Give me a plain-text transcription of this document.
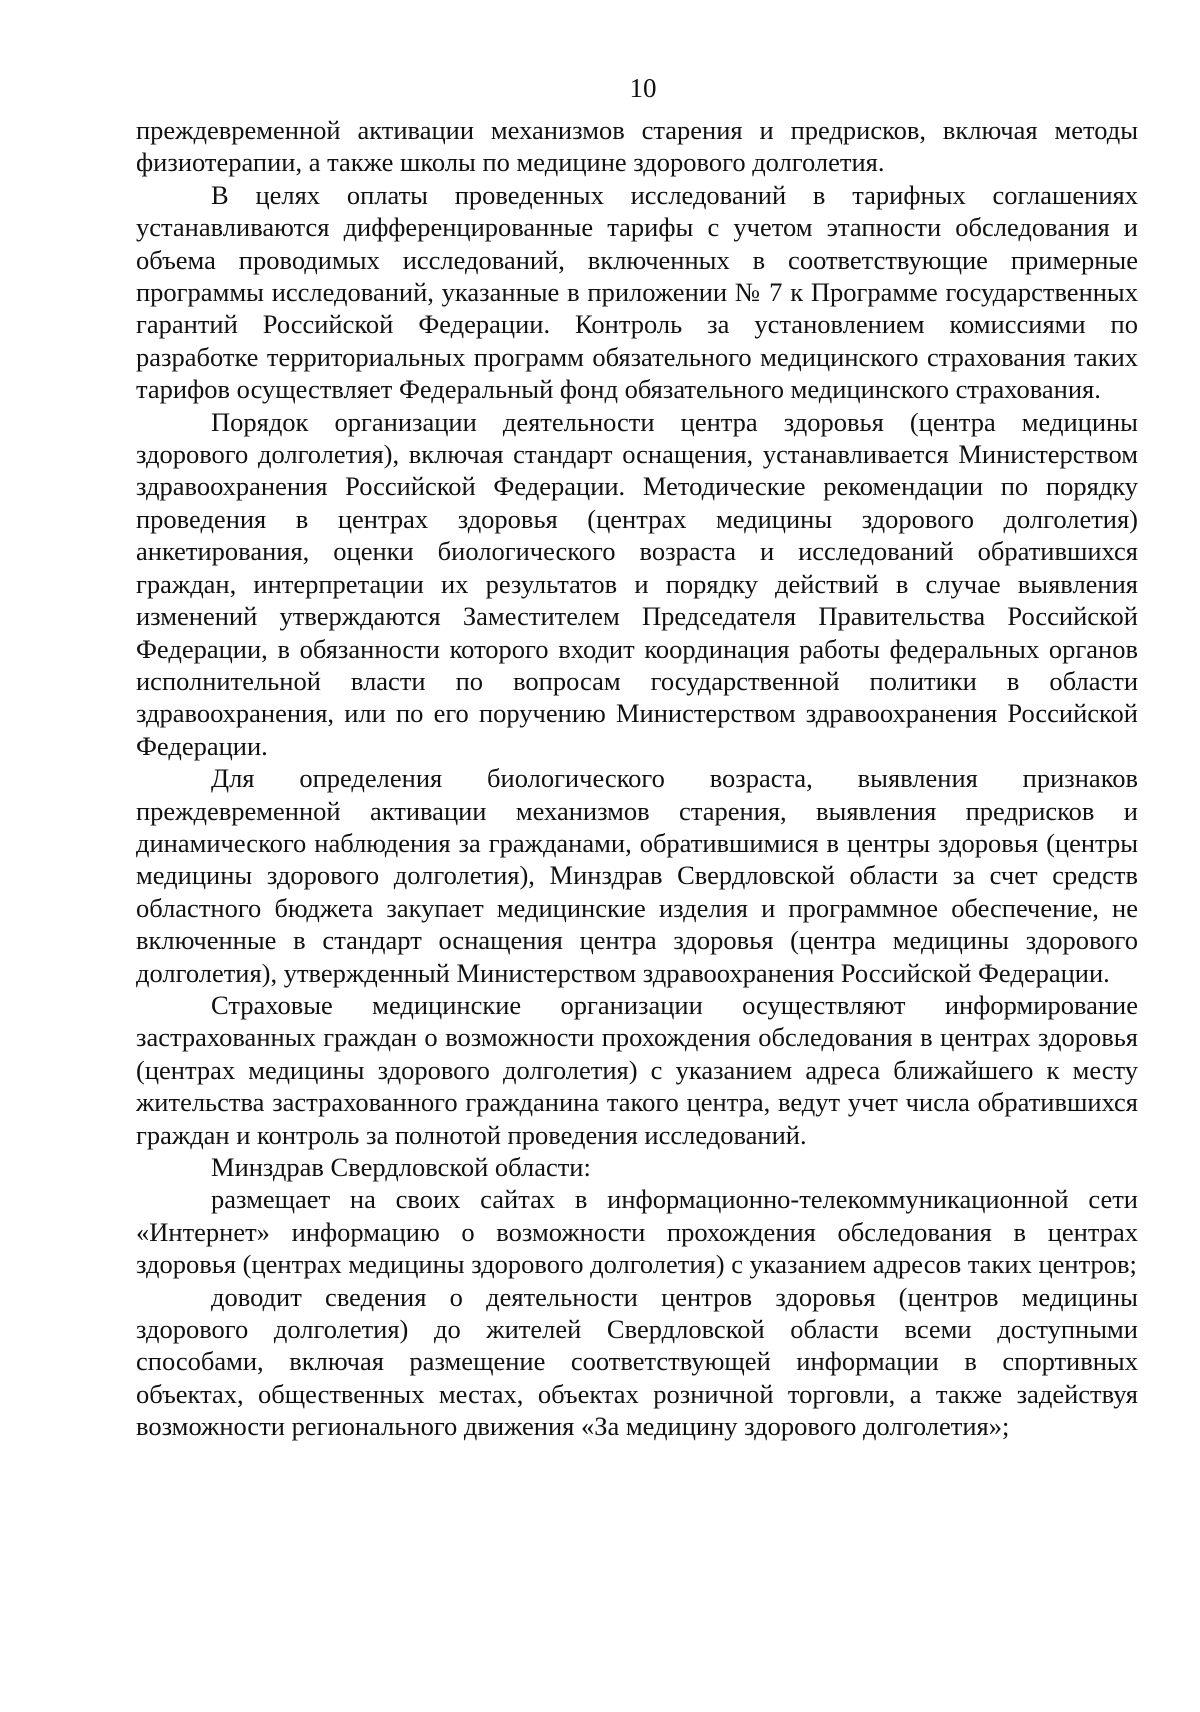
10

преждевременной активации механизмов старения и предрисков, включая методы физиотерапии, а также школы по медицине здорового долголетия.

В целях оплаты проведенных исследований в тарифных соглашениях устанавливаются дифференцированные тарифы с учетом этапности обследования и объема проводимых исследований, включенных в соответствующие примерные программы исследований, указанные в приложении № 7 к Программе государственных гарантий Российской Федерации. Контроль за установлением комиссиями по разработке территориальных программ обязательного медицинского страхования таких тарифов осуществляет Федеральный фонд обязательного медицинского страхования.

Порядок организации деятельности центра здоровья (центра медицины здорового долголетия), включая стандарт оснащения, устанавливается Министерством здравоохранения Российской Федерации. Методические рекомендации по порядку проведения в центрах здоровья (центрах медицины здорового долголетия) анкетирования, оценки биологического возраста и исследований обратившихся граждан, интерпретации их результатов и порядку действий в случае выявления изменений утверждаются Заместителем Председателя Правительства Российской Федерации, в обязанности которого входит координация работы федеральных органов исполнительной власти по вопросам государственной политики в области здравоохранения, или по его поручению Министерством здравоохранения Российской Федерации.

Для определения биологического возраста, выявления признаков преждевременной активации механизмов старения, выявления предрисков и динамического наблюдения за гражданами, обратившимися в центры здоровья (центры медицины здорового долголетия), Минздрав Свердловской области за счет средств областного бюджета закупает медицинские изделия и программное обеспечение, не включенные в стандарт оснащения центра здоровья (центра медицины здорового долголетия), утвержденный Министерством здравоохранения Российской Федерации.

Страховые медицинские организации осуществляют информирование застрахованных граждан о возможности прохождения обследования в центрах здоровья (центрах медицины здорового долголетия) с указанием адреса ближайшего к месту жительства застрахованного гражданина такого центра, ведут учет числа обратившихся граждан и контроль за полнотой проведения исследований.

Минздрав Свердловской области:

размещает на своих сайтах в информационно-телекоммуникационной сети «Интернет» информацию о возможности прохождения обследования в центрах здоровья (центрах медицины здорового долголетия) с указанием адресов таких центров;

доводит сведения о деятельности центров здоровья (центров медицины здорового долголетия) до жителей Свердловской области всеми доступными способами, включая размещение соответствующей информации в спортивных объектах, общественных местах, объектах розничной торговли, а также задействуя возможности регионального движения «За медицину здорового долголетия»;
